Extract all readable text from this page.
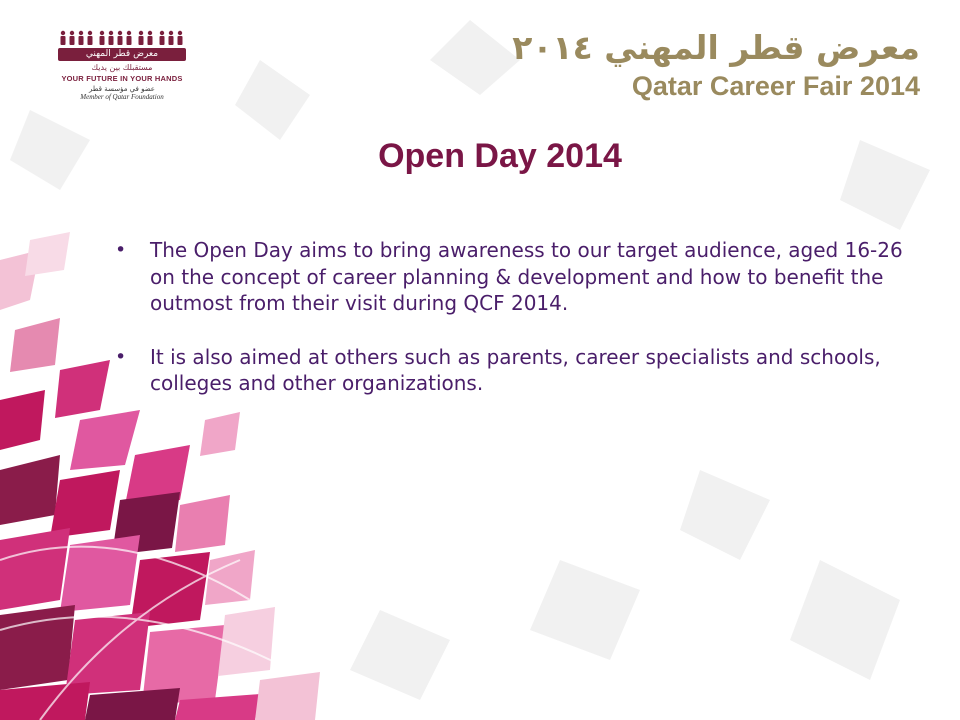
معرض قطر المهني
مستقبلك بين يديك
YOUR FUTURE IN YOUR HANDS
عضو في مؤسسة قطر
Member of Qatar Foundation
معرض قطر المهني ٢٠١٤
Qatar Career Fair 2014
Open Day 2014
• The Open Day aims to bring awareness to our target audience, aged 16-26 on the concept of career planning & development and how to benefit the outmost from their visit during QCF 2014.
• It is also aimed at others such as parents, career specialists and schools, colleges and other organizations.
